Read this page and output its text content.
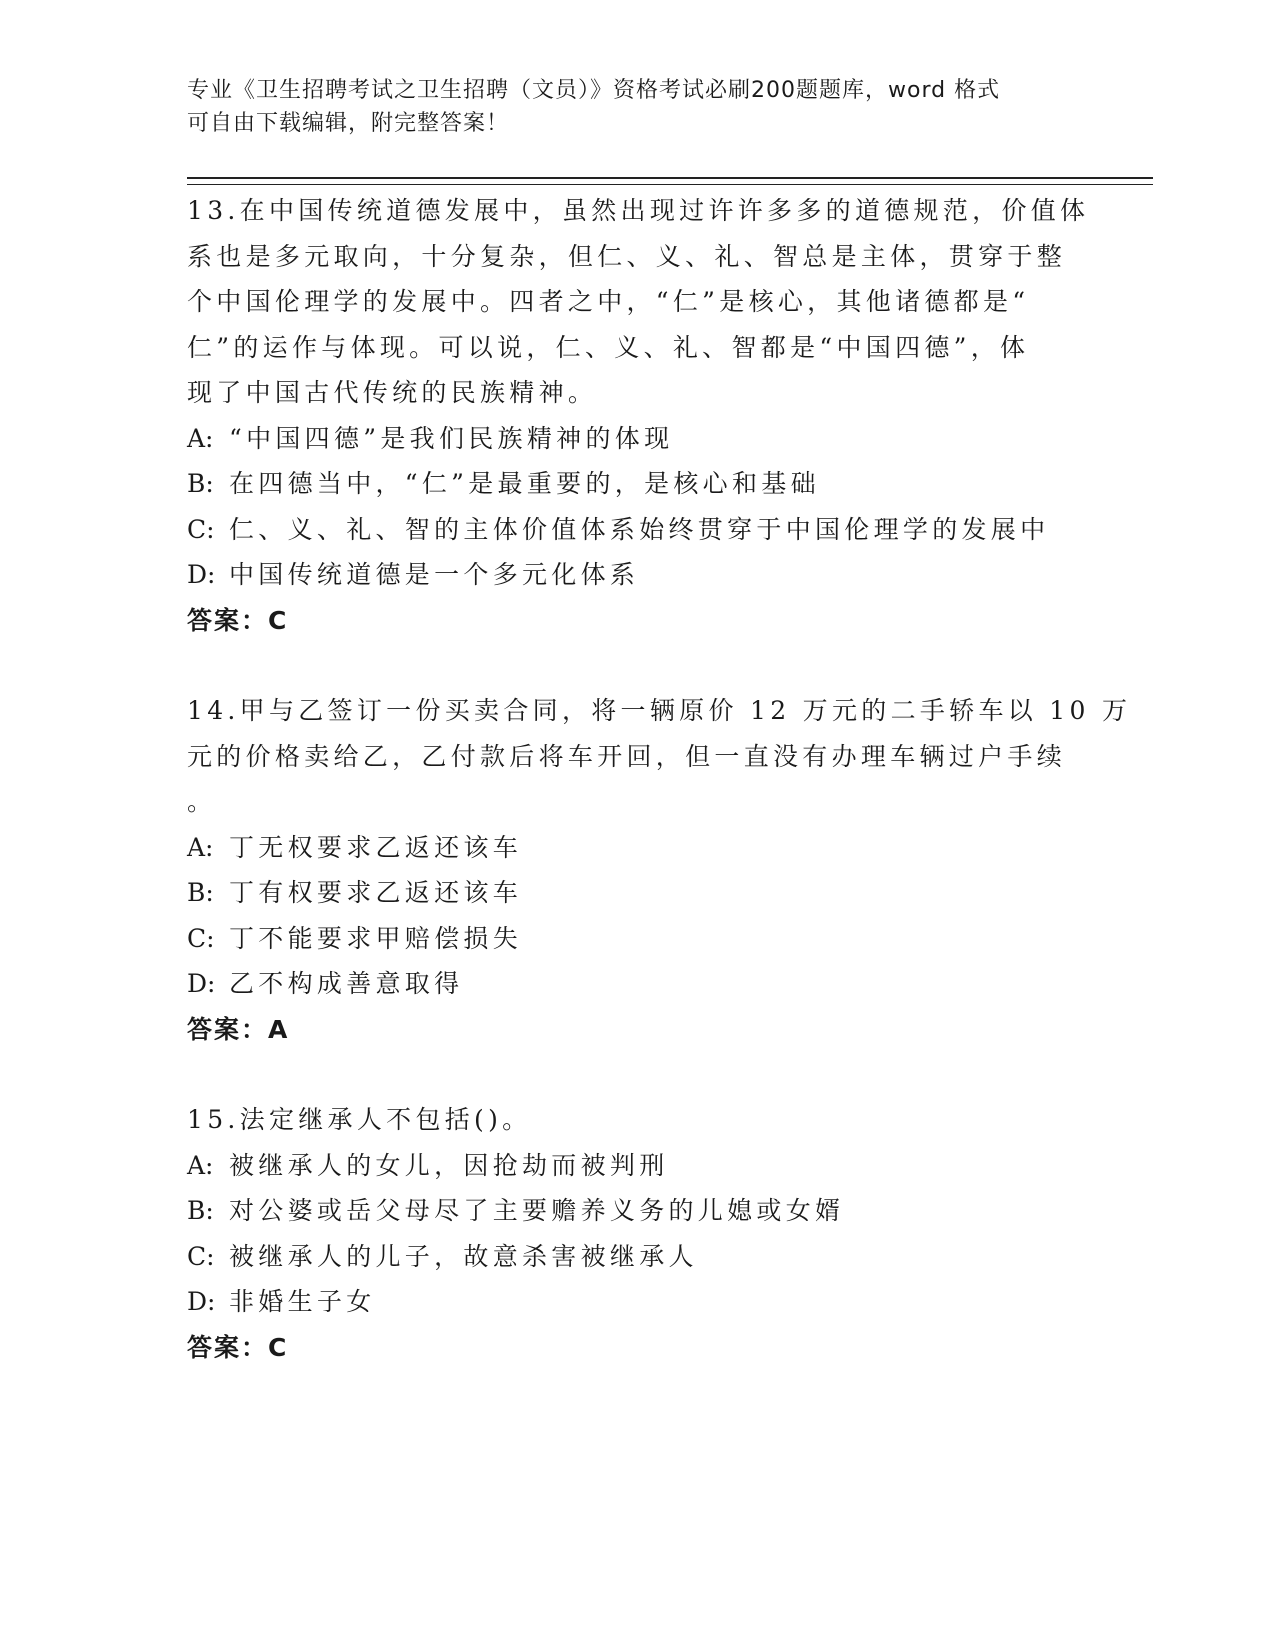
专业《卫生招聘考试之卫生招聘（文员）》资格考试必刷200题题库，word 格式
可自由下载编辑，附完整答案！
13.在中国传统道德发展中，虽然出现过许许多多的道德规范，价值体
系也是多元取向，十分复杂，但仁、义、礼、智总是主体，贯穿于整
个中国伦理学的发展中。四者之中，“仁”是核心，其他诸德都是“
仁”的运作与体现。可以说，仁、义、礼、智都是“中国四德”，体
现了中国古代传统的民族精神。
A: “中国四德”是我们民族精神的体现
B: 在四德当中，“仁”是最重要的，是核心和基础
C: 仁、义、礼、智的主体价值体系始终贯穿于中国伦理学的发展中
D: 中国传统道德是一个多元化体系
答案：C
14.甲与乙签订一份买卖合同，将一辆原价 12 万元的二手轿车以 10 万
元的价格卖给乙，乙付款后将车开回，但一直没有办理车辆过户手续
。
A: 丁无权要求乙返还该车
B: 丁有权要求乙返还该车
C: 丁不能要求甲赔偿损失
D: 乙不构成善意取得
答案：A
15.法定继承人不包括()。
A: 被继承人的女儿，因抢劫而被判刑
B: 对公婆或岳父母尽了主要赡养义务的儿媳或女婿
C: 被继承人的儿子，故意杀害被继承人
D: 非婚生子女
答案：C
